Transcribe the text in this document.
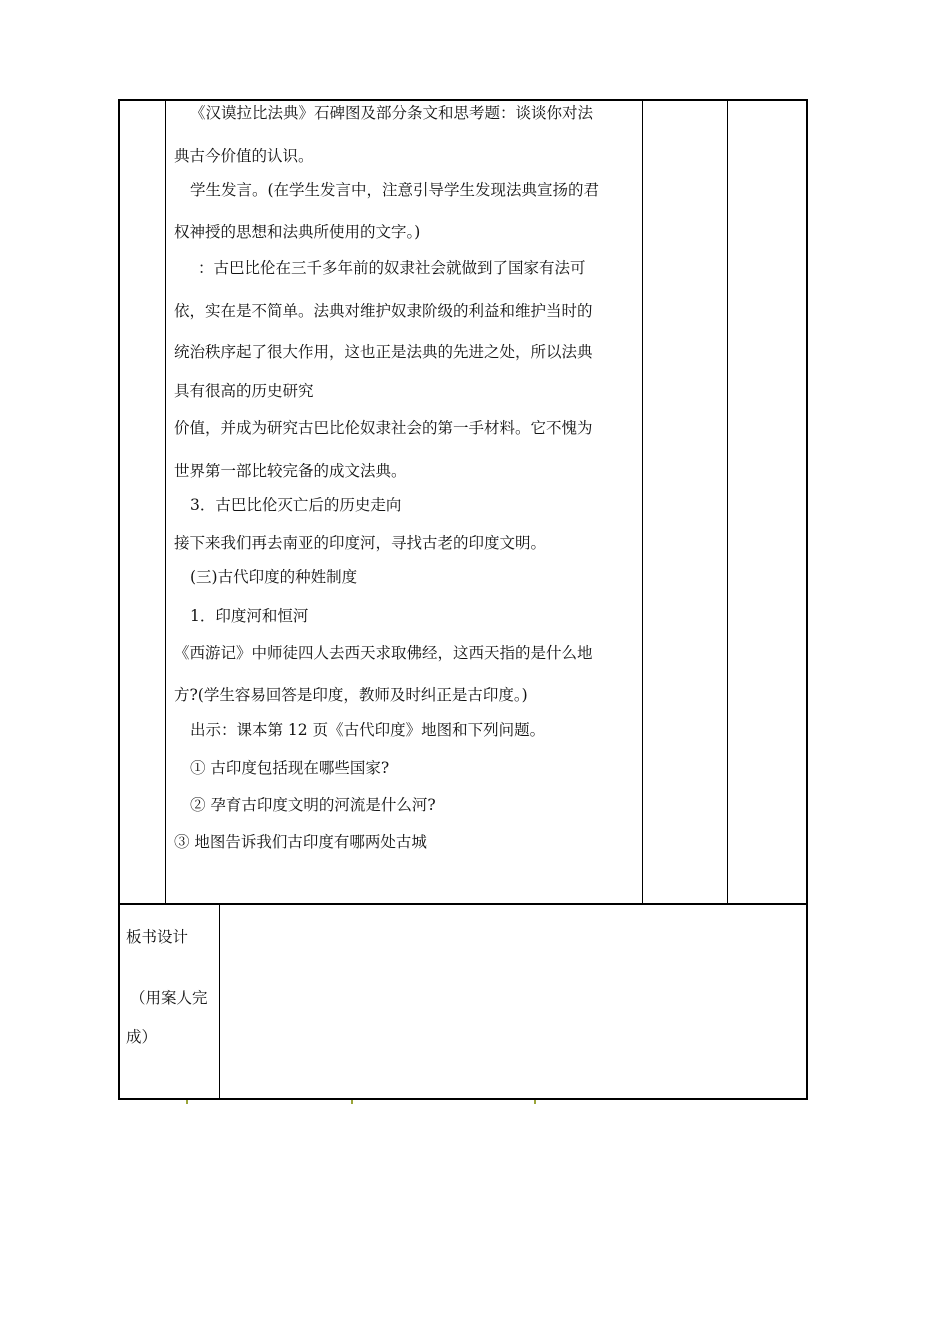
《汉谟拉比法典》石碑图及部分条文和思考题：谈谈你对法
典古今价值的认识。
学生发言。(在学生发言中，注意引导学生发现法典宣扬的君
权神授的思想和法典所使用的文字。)
：古巴比伦在三千多年前的奴隶社会就做到了国家有法可
依，实在是不简单。法典对维护奴隶阶级的利益和维护当时的
统治秩序起了很大作用，这也正是法典的先进之处，所以法典
具有很高的历史研究
价值，并成为研究古巴比伦奴隶社会的第一手材料。它不愧为
世界第一部比较完备的成文法典。
3．古巴比伦灭亡后的历史走向
接下来我们再去南亚的印度河，寻找古老的印度文明。
(三)古代印度的种姓制度
1．印度河和恒河
《西游记》中师徒四人去西天求取佛经，这西天指的是什么地
方?(学生容易回答是印度，教师及时纠正是古印度。)
出示：课本第 12 页《古代印度》地图和下列问题。
① 古印度包括现在哪些国家?
② 孕育古印度文明的河流是什么河?
③ 地图告诉我们古印度有哪两处古城
板书设计
（用案人完
成）
